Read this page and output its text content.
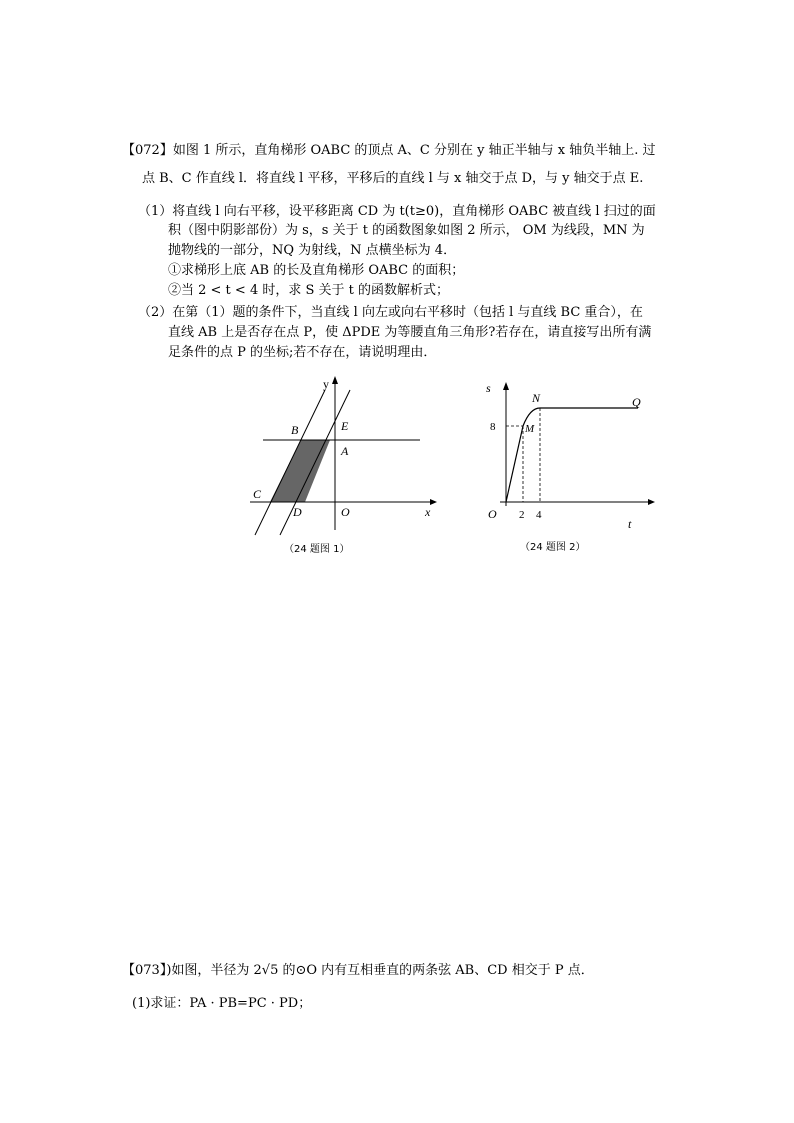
【072】如图 1 所示，直角梯形 OABC 的顶点 A、C 分别在 y 轴正半轴与 x 轴负半轴上. 过
点 B、C 作直线 l．将直线 l 平移，平移后的直线 l 与 x 轴交于点 D，与 y 轴交于点 E.
（1）将直线 l 向右平移，设平移距离 CD 为 t(t≥0)，直角梯形 OABC 被直线 l 扫过的面
积（图中阴影部份）为 s，s 关于 t 的函数图象如图 2 所示， OM 为线段，MN 为
抛物线的一部分，NQ 为射线，N 点横坐标为 4．
①求梯形上底 AB 的长及直角梯形 OABC 的面积；
②当 2 < t < 4 时，求 S 关于 t 的函数解析式；
（2）在第（1）题的条件下，当直线 l 向左或向右平移时（包括 l 与直线 BC 重合），在
直线 AB 上是否存在点 P，使 ΔPDE 为等腰直角三角形?若存在，请直接写出所有满
足条件的点 P 的坐标;若不存在，请说明理由．
y
x
B	E
A
C
D	O
（24 题图 1）
s
N	Q
M
8
O 2 4
t
（24 题图 2）
【073】)如图，半径为 2√5 的⊙O 内有互相垂直的两条弦 AB、CD 相交于 P 点．
(1)求证：PA · PB=PC · PD；
